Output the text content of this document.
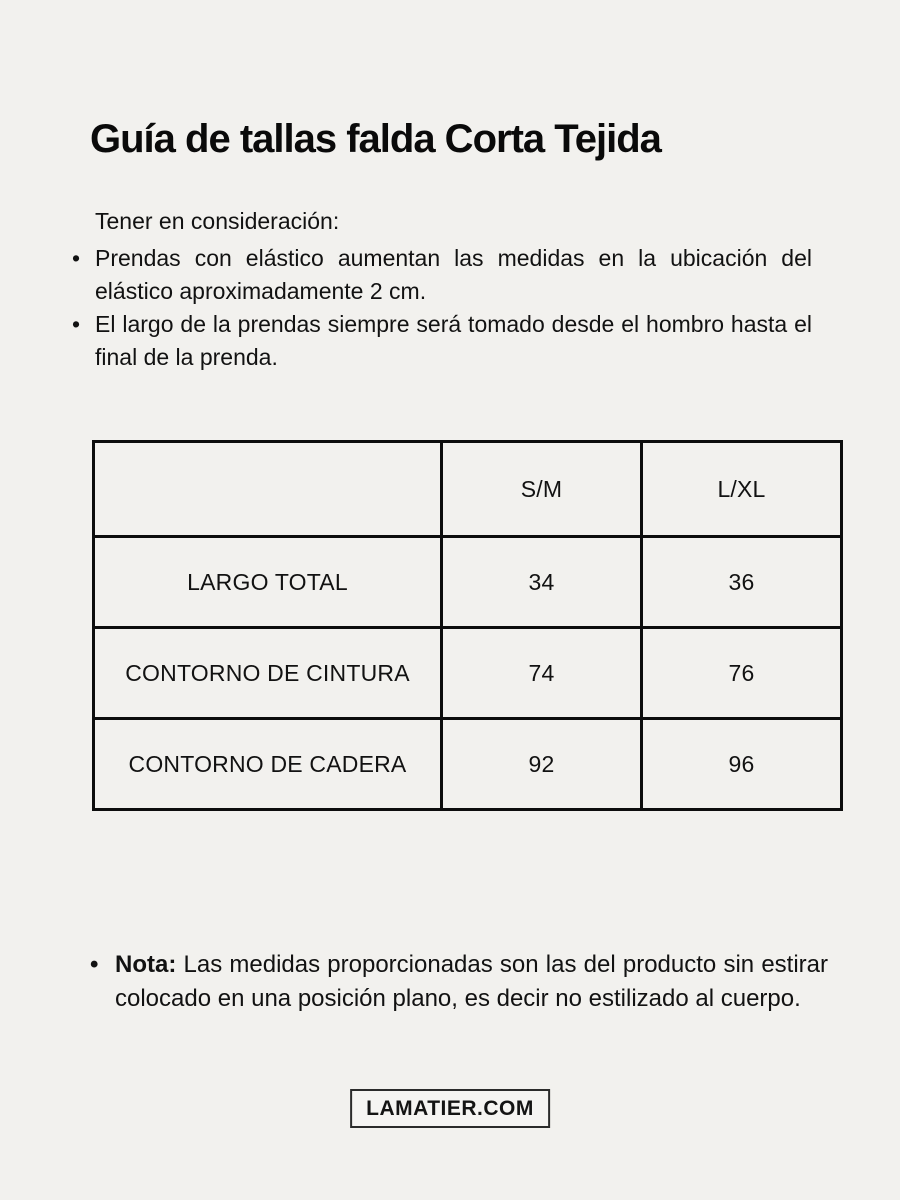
Guía de tallas falda Corta Tejida
Tener en consideración:
•

Prendas con elástico aumentan las medidas en la ubicación del elástico aproximadamente 2 cm.

•

El largo de la prendas siempre será tomado desde el hombro hasta el final de la prenda.

	S/M	L/XL
LARGO TOTAL	34	36
CONTORNO DE CINTURA	74	76
CONTORNO DE CADERA	92	96
•

Nota: Las medidas proporcionadas son las del producto sin estirar colocado en una posición plano, es decir no estilizado al cuerpo.

LAMATIER.COM
